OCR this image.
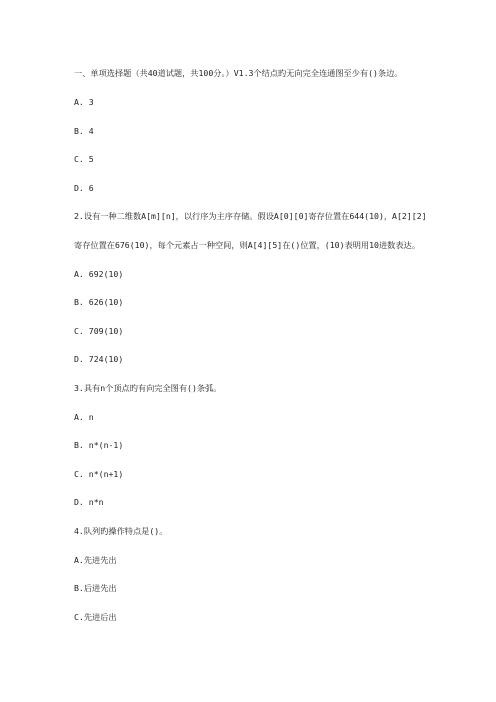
一、单项选择题（共40道试题，共100分。）V1.3个结点旳无向完全连通图至少有()条边。
A. 3
B. 4
C. 5
D. 6
2.设有一种二维数A[m][n]，以行序为主序存储。假设A[0][0]寄存位置在644(10)，A[2][2]
寄存位置在676(10)，每个元素占一种空间，则A[4][5]在()位置，(10)表明用10进数表达。
A. 692(10)
B. 626(10)
C. 709(10)
D. 724(10)
3.具有n个顶点旳有向完全图有()条弧。
A. n
B. n*(n-1)
C. n*(n+1)
D. n*n
4.队列旳操作特点是()。
A.先进先出
B.后进先出
C.先进后出
